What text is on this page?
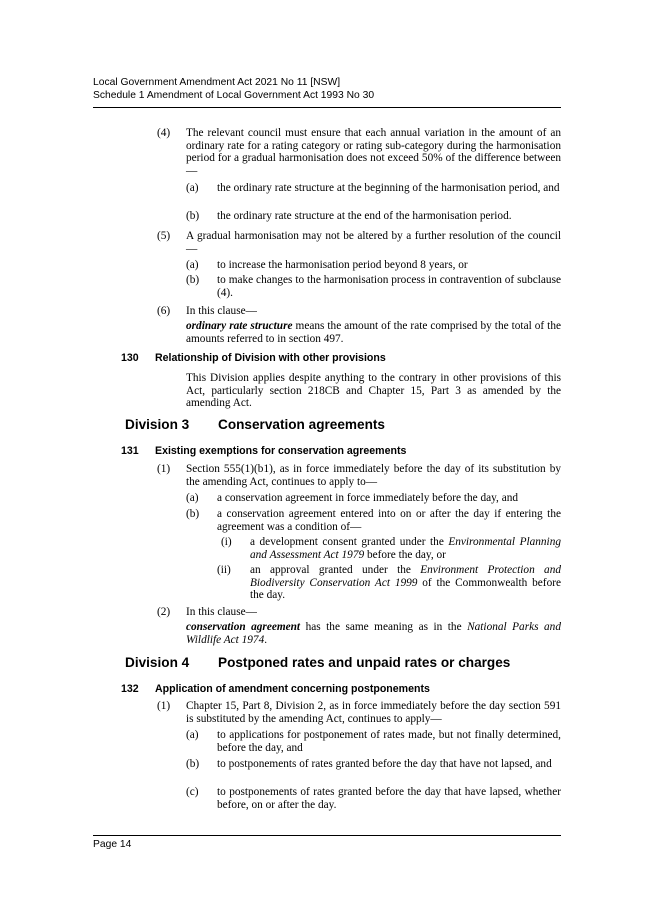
Local Government Amendment Act 2021 No 11 [NSW]
Schedule 1 Amendment of Local Government Act 1993 No 30
(4) The relevant council must ensure that each annual variation in the amount of an ordinary rate for a rating category or rating sub-category during the harmonisation period for a gradual harmonisation does not exceed 50% of the difference between—
(a) the ordinary rate structure at the beginning of the harmonisation period, and
(b) the ordinary rate structure at the end of the harmonisation period.
(5) A gradual harmonisation may not be altered by a further resolution of the council—
(a) to increase the harmonisation period beyond 8 years, or
(b) to make changes to the harmonisation process in contravention of subclause (4).
(6) In this clause—
ordinary rate structure means the amount of the rate comprised by the total of the amounts referred to in section 497.
130 Relationship of Division with other provisions
This Division applies despite anything to the contrary in other provisions of this Act, particularly section 218CB and Chapter 15, Part 3 as amended by the amending Act.
Division 3 Conservation agreements
131 Existing exemptions for conservation agreements
(1) Section 555(1)(b1), as in force immediately before the day of its substitution by the amending Act, continues to apply to—
(a) a conservation agreement in force immediately before the day, and
(b) a conservation agreement entered into on or after the day if entering the agreement was a condition of—
(i) a development consent granted under the Environmental Planning and Assessment Act 1979 before the day, or
(ii) an approval granted under the Environment Protection and Biodiversity Conservation Act 1999 of the Commonwealth before the day.
(2) In this clause—
conservation agreement has the same meaning as in the National Parks and Wildlife Act 1974.
Division 4 Postponed rates and unpaid rates or charges
132 Application of amendment concerning postponements
(1) Chapter 15, Part 8, Division 2, as in force immediately before the day section 591 is substituted by the amending Act, continues to apply—
(a) to applications for postponement of rates made, but not finally determined, before the day, and
(b) to postponements of rates granted before the day that have not lapsed, and
(c) to postponements of rates granted before the day that have lapsed, whether before, on or after the day.
Page 14
